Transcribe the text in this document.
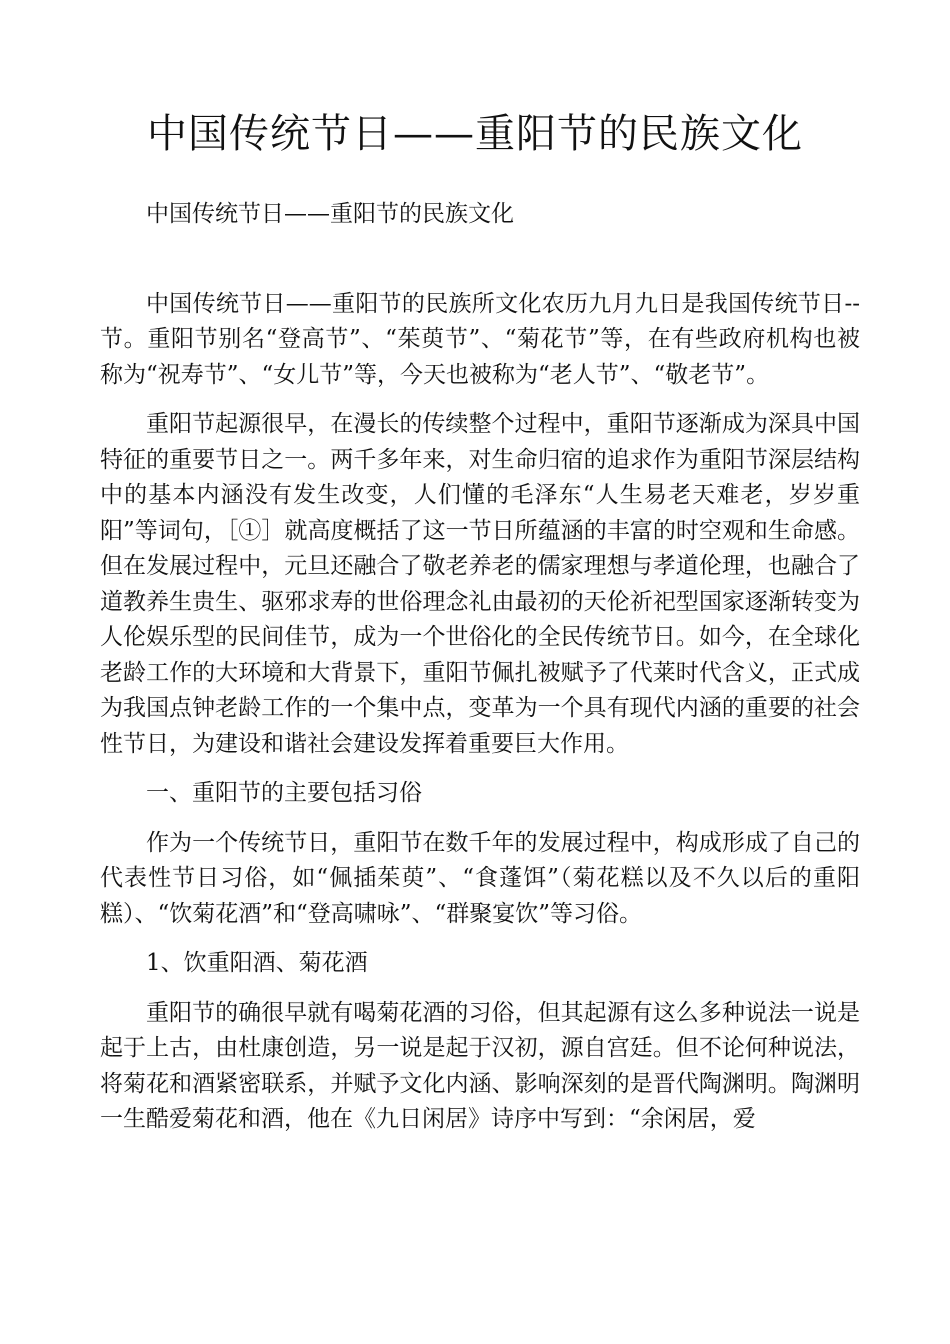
中国传统节日——重阳节的民族文化

中国传统节日——重阳节的民族文化

中国传统节日——重阳节的民族所文化农历九月九日是我国传统节日--节。重阳节别名“登高节”、“茱萸节”、“菊花节”等，在有些政府机构也被称为“祝寿节”、“女儿节”等，今天也被称为“老人节”、“敬老节”。

重阳节起源很早，在漫长的传续整个过程中，重阳节逐渐成为深具中国特征的重要节日之一。两千多年来，对生命归宿的追求作为重阳节深层结构中的基本内涵没有发生改变，人们懂的毛泽东“人生易老天难老，岁岁重阳”等词句，［①］就高度概括了这一节日所蕴涵的丰富的时空观和生命感。但在发展过程中，元旦还融合了敬老养老的儒家理想与孝道伦理，也融合了道教养生贵生、驱邪求寿的世俗理念礼由最初的天伦祈祀型国家逐渐转变为人伦娱乐型的民间佳节，成为一个世俗化的全民传统节日。如今，在全球化老龄工作的大环境和大背景下，重阳节佩扎被赋予了代莱时代含义，正式成为我国点钟老龄工作的一个集中点，变革为一个具有现代内涵的重要的社会性节日，为建设和谐社会建设发挥着重要巨大作用。

一、重阳节的主要包括习俗

作为一个传统节日，重阳节在数千年的发展过程中，构成形成了自己的代表性节日习俗，如“佩插茱萸”、“食蓬饵”（菊花糕以及不久以后的重阳糕）、“饮菊花酒”和“登高啸咏”、“群聚宴饮”等习俗。

1、饮重阳酒、菊花酒

重阳节的确很早就有喝菊花酒的习俗，但其起源有这么多种说法一说是起于上古，由杜康创造，另一说是起于汉初，源自宫廷。但不论何种说法，将菊花和酒紧密联系，并赋予文化内涵、影响深刻的是晋代陶渊明。陶渊明一生酷爱菊花和酒，他在《九日闲居》诗序中写到：“余闲居，爱
